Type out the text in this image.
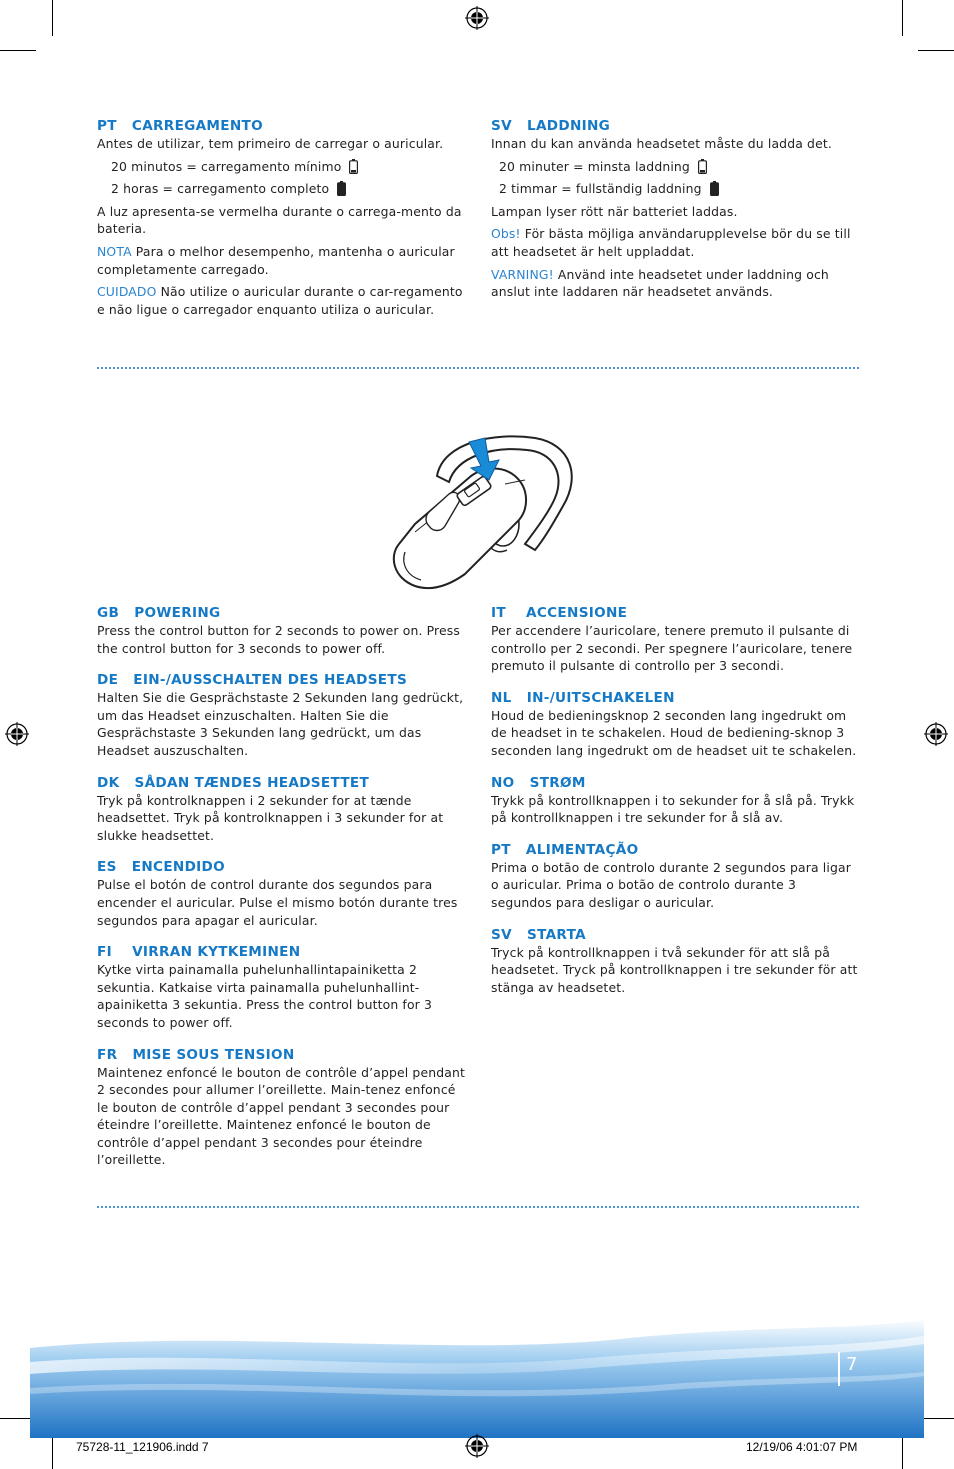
PT   CARREGAMENTO
Antes de utilizar, tem primeiro de carregar o auricular.
20 minutos = carregamento mínimo
2 horas = carregamento completo
A luz apresenta-se vermelha durante o carrega-mento da bateria.
NOTA Para o melhor desempenho, mantenha o auricular completamente carregado.
CUIDADO Não utilize o auricular durante o car-regamento e não ligue o carregador enquanto utiliza o auricular.
SV   LADDNING
Innan du kan använda headsetet måste du ladda det.
20 minuter = minsta laddning
2 timmar = fullständig laddning
Lampan lyser rött när batteriet laddas.
Obs! För bästa möjliga användarupplevelse bör du se till att headsetet är helt uppladdat.
VARNING! Använd inte headsetet under laddning och anslut inte laddaren när headsetet används.
GB   POWERING
Press the control button for 2 seconds to power on. Press the control button for 3 seconds to power off.
DE   EIN-/AUSSCHALTEN DES HEADSETS
Halten Sie die Gesprächstaste 2 Sekunden lang gedrückt, um das Headset einzuschalten. Halten Sie die Gesprächstaste 3 Sekunden lang gedrückt, um das Headset auszuschalten.
DK   SÅDAN TÆNDES HEADSETTET
Tryk på kontrolknappen i 2 sekunder for at tænde headsettet. Tryk på kontrolknappen i 3 sekunder for at slukke headsettet.
ES   ENCENDIDO
Pulse el botón de control durante dos segundos para encender el auricular. Pulse el mismo botón durante tres segundos para apagar el auricular.
FI    VIRRAN KYTKEMINEN
Kytke virta painamalla puhelunhallintapainiketta 2 sekuntia. Katkaise virta painamalla puhelunhallint-apainiketta 3 sekuntia. Press the control button for 3 seconds to power off.
FR   MISE SOUS TENSION
Maintenez enfoncé le bouton de contrôle d’appel pendant 2 secondes pour allumer l’oreillette. Main-tenez enfoncé le bouton de contrôle d’appel pendant 3 secondes pour éteindre l’oreillette. Maintenez enfoncé le bouton de contrôle d’appel pendant 3 secondes pour éteindre l’oreillette.
IT    ACCENSIONE
Per accendere l’auricolare, tenere premuto il pulsante di controllo per 2 secondi. Per spegnere l’auricolare, tenere premuto il pulsante di controllo per 3 secondi.
NL   IN-/UITSCHAKELEN
Houd de bedieningsknop 2 seconden lang ingedrukt om de headset in te schakelen. Houd de bediening-sknop 3 seconden lang ingedrukt om de headset uit te schakelen.
NO   STRØM
Trykk på kontrollknappen i to sekunder for å slå på. Trykk på kontrollknappen i tre sekunder for å slå av.
PT   ALIMENTAÇÃO
Prima o botão de controlo durante 2 segundos para ligar o auricular. Prima o botão de controlo durante 3 segundos para desligar o auricular.
SV   STARTA
Tryck på kontrollknappen i två sekunder för att slå på headsetet. Tryck på kontrollknappen i tre sekunder för att stänga av headsetet.
7
75728-11_121906.indd 7	12/19/06 4:01:07 PM
